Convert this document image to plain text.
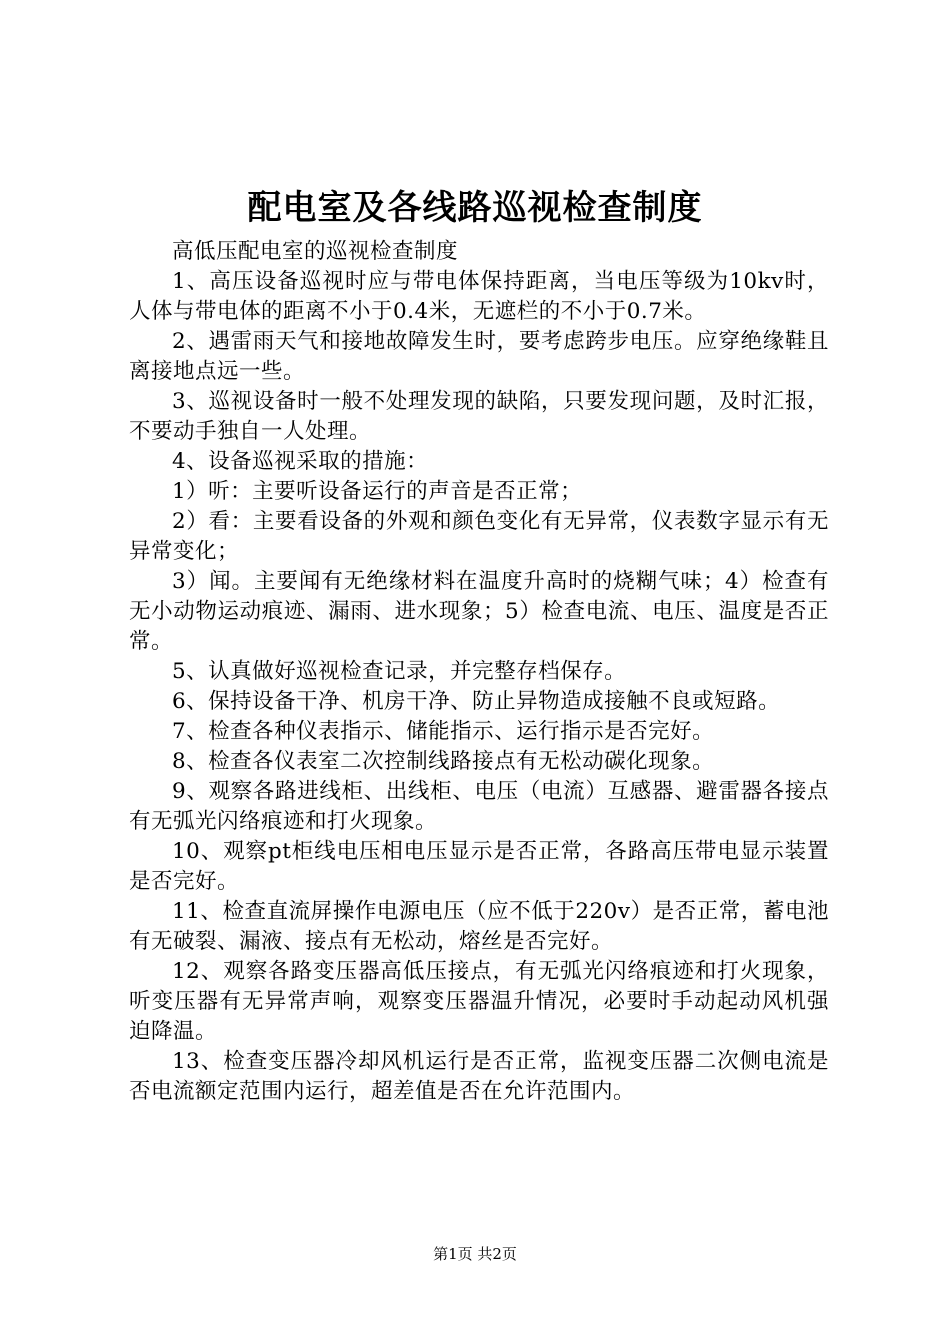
配电室及各线路巡视检查制度

高低压配电室的巡视检查制度

1、高压设备巡视时应与带电体保持距离，当电压等级为10kv时，人体与带电体的距离不小于0.4米，无遮栏的不小于0.7米。

2、遇雷雨天气和接地故障发生时，要考虑跨步电压。应穿绝缘鞋且离接地点远一些。

3、巡视设备时一般不处理发现的缺陷，只要发现问题，及时汇报，不要动手独自一人处理。

4、设备巡视采取的措施：

1）听：主要听设备运行的声音是否正常；

2）看：主要看设备的外观和颜色变化有无异常，仪表数字显示有无异常变化；

3）闻。主要闻有无绝缘材料在温度升高时的烧糊气味；4）检查有无小动物运动痕迹、漏雨、进水现象；5）检查电流、电压、温度是否正常。

5、认真做好巡视检查记录，并完整存档保存。

6、保持设备干净、机房干净、防止异物造成接触不良或短路。

7、检查各种仪表指示、储能指示、运行指示是否完好。

8、检查各仪表室二次控制线路接点有无松动碳化现象。

9、观察各路进线柜、出线柜、电压（电流）互感器、避雷器各接点有无弧光闪络痕迹和打火现象。

10、观察pt柜线电压相电压显示是否正常，各路高压带电显示装置是否完好。

11、检查直流屏操作电源电压（应不低于220v）是否正常，蓄电池有无破裂、漏液、接点有无松动，熔丝是否完好。

12、观察各路变压器高低压接点，有无弧光闪络痕迹和打火现象，听变压器有无异常声响，观察变压器温升情况，必要时手动起动风机强迫降温。

13、检查变压器冷却风机运行是否正常，监视变压器二次侧电流是否电流额定范围内运行，超差值是否在允许范围内。

第1页 共2页
